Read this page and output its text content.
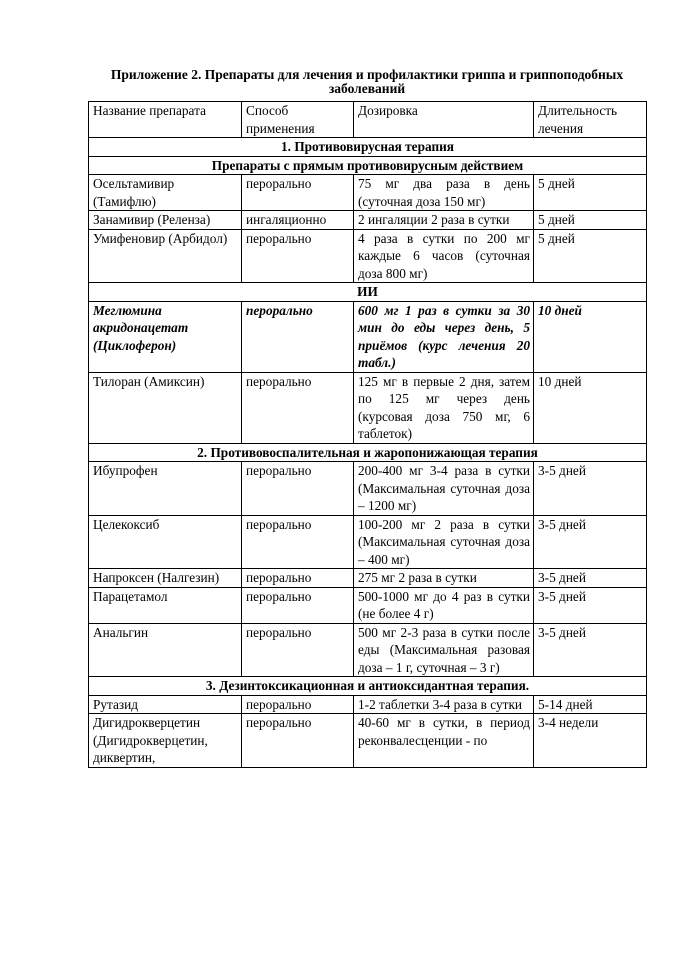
Приложение 2. Препараты для лечения и профилактики гриппа и гриппоподобных заболеваний
Название препарата	Способ применения	Дозировка	Длительность лечения
1. Противовирусная терапия			
Препараты с прямым противовирусным действием			
Осельтамивир (Тамифлю)	перорально	75 мг два раза в день (суточная доза 150 мг)	5 дней
Занамивир (Реленза)	ингаляционно	2 ингаляции 2 раза в сутки	5 дней
Умифеновир (Арбидол)	перорально	4 раза в сутки по 200 мг каждые 6 часов (суточная доза 800 мг)	5 дней
ИИ			
Меглюмина акридонацетат (Циклоферон)	перорально	600 мг 1 раз в сутки за 30 мин до еды через день, 5 приёмов (курс лечения 20 табл.)	10 дней
Тилоран (Амиксин)	перорально	125 мг в первые 2 дня, затем по 125 мг через день (курсовая доза 750 мг, 6 таблеток)	10 дней
2. Противовоспалительная и жаропонижающая терапия			
Ибупрофен	перорально	200-400 мг 3-4 раза в сутки (Максимальная суточная доза – 1200 мг)	3-5 дней
Целекоксиб	перорально	100-200 мг 2 раза в сутки (Максимальная суточная доза – 400 мг)	3-5 дней
Напроксен (Налгезин)	перорально	275 мг 2 раза в сутки	3-5 дней
Парацетамол	перорально	500-1000 мг до 4 раз в сутки (не более 4 г)	3-5 дней
Анальгин	перорально	500 мг 2-3 раза в сутки после еды (Максимальная разовая доза – 1 г, суточная – 3 г)	3-5 дней
3. Дезинтоксикационная и антиоксидантная терапия.			
Рутазид	перорально	1-2 таблетки 3-4 раза в сутки	5-14 дней
Дигидрокверцетин (Дигидрокверцетин, диквертин,	перорально	40-60 мг в сутки, в период реконвалесценции - по	3-4 недели
